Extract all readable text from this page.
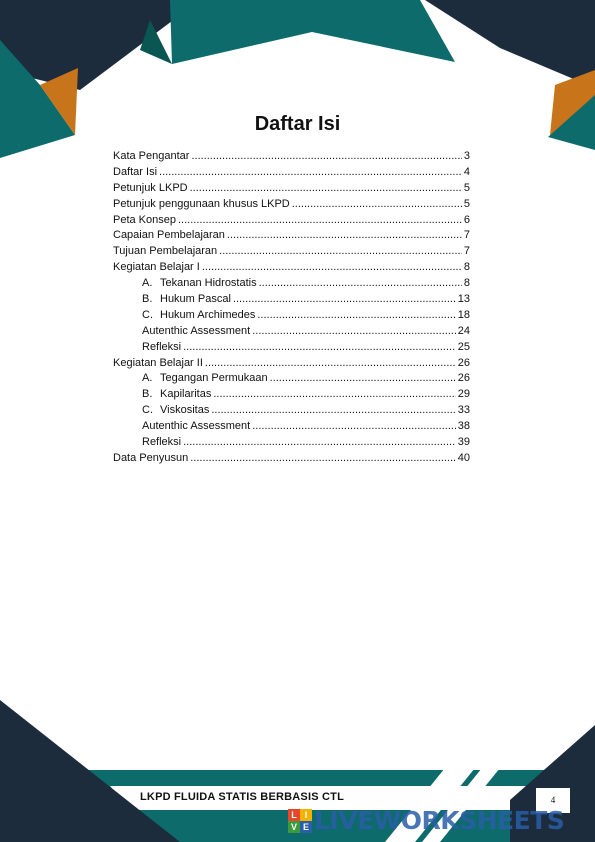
Daftar Isi
Kata Pengantar .....	3
Daftar Isi .....	4
Petunjuk LKPD .....	5
Petunjuk penggunaan khusus LKPD .....	5
Peta Konsep .....	6
Capaian Pembelajaran .....	7
Tujuan Pembelajaran .....	7
Kegiatan Belajar I .....	8
A. Tekanan Hidrostatis .....	8
B. Hukum Pascal .....	13
C. Hukum Archimedes .....	18
Autenthic Assessment .....	24
Refleksi .....	25
Kegiatan Belajar II .....	26
A. Tegangan Permukaan .....	26
B. Kapilaritas .....	29
C. Viskositas .....	33
Autenthic Assessment .....	38
Refleksi .....	39
Data Penyusun .....	40
LKPD FLUIDA STATIS BERBASIS CTL	4
L I
V E LIVEWORKSHEETS
